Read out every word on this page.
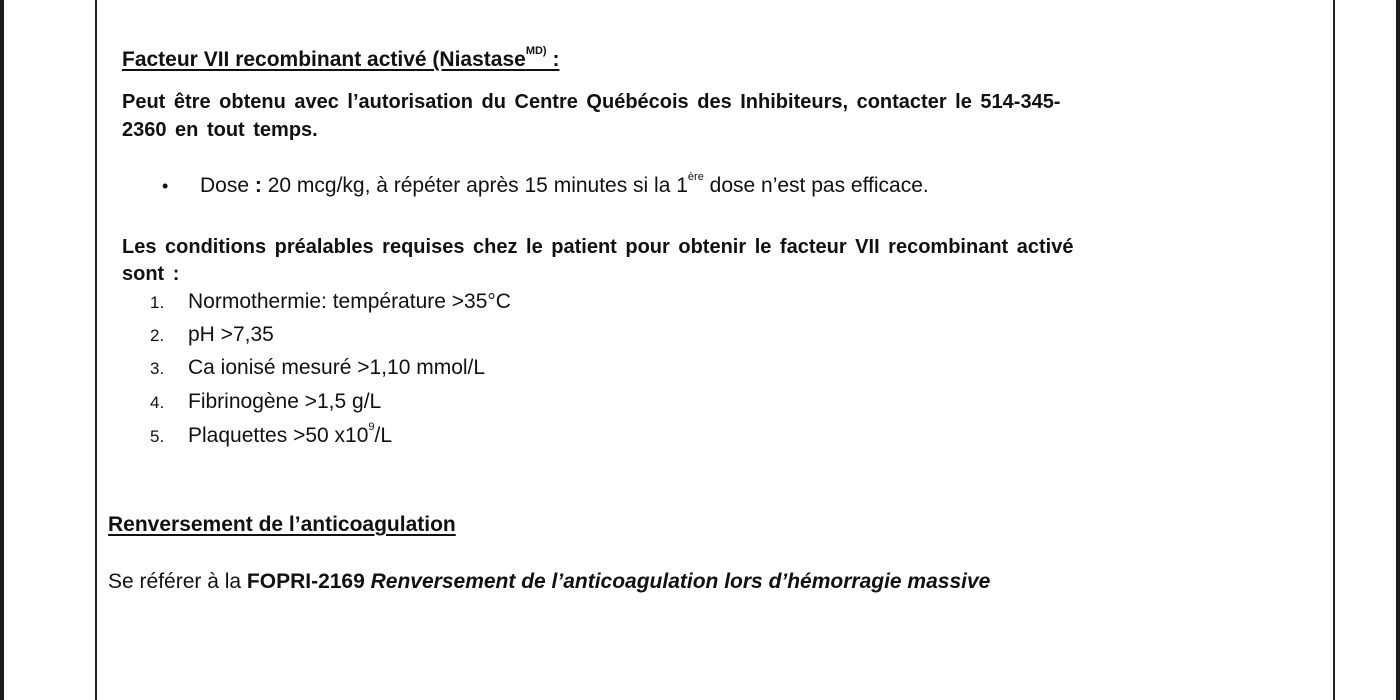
Facteur VII recombinant activé (Niastase$^{MD)}$ :
Peut être obtenu avec l’autorisation du Centre Québécois des Inhibiteurs, contacter le 514-345-
2360 en tout temps.
• Dose : 20 mcg/kg, à répéter après 15 minutes si la 1ère dose n’est pas efficace.
Les conditions préalables requises chez le patient pour obtenir le facteur VII recombinant activé
sont :
1. Normothermie: température >35°C
2. pH >7,35
3. Ca ionisé mesuré >1,10 mmol/L
4. Fibrinogène >1,5 g/L
5. Plaquettes >50 $x10^9/L$
Renversement de l’anticoagulation
Se référer à la FOPRI-2169 Renversement de l’anticoagulation lors d’hémorragie massive
